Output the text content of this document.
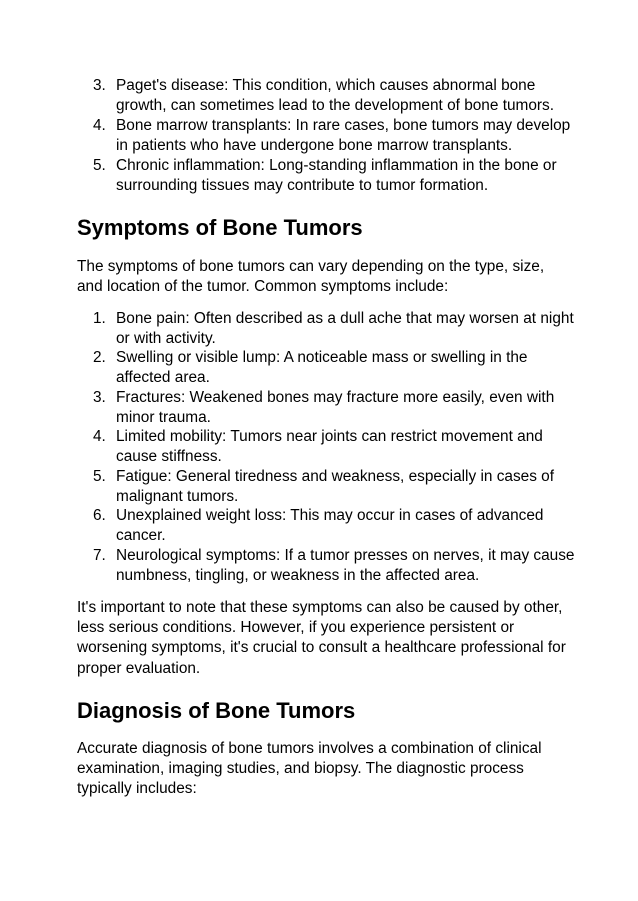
3. Paget's disease: This condition, which causes abnormal bone growth, can sometimes lead to the development of bone tumors.
4. Bone marrow transplants: In rare cases, bone tumors may develop in patients who have undergone bone marrow transplants.
5. Chronic inflammation: Long-standing inflammation in the bone or surrounding tissues may contribute to tumor formation.
Symptoms of Bone Tumors

The symptoms of bone tumors can vary depending on the type, size, and location of the tumor. Common symptoms include:

1. Bone pain: Often described as a dull ache that may worsen at night or with activity.
2. Swelling or visible lump: A noticeable mass or swelling in the affected area.
3. Fractures: Weakened bones may fracture more easily, even with minor trauma.
4. Limited mobility: Tumors near joints can restrict movement and cause stiffness.
5. Fatigue: General tiredness and weakness, especially in cases of malignant tumors.
6. Unexplained weight loss: This may occur in cases of advanced cancer.
7. Neurological symptoms: If a tumor presses on nerves, it may cause numbness, tingling, or weakness in the affected area.

It's important to note that these symptoms can also be caused by other, less serious conditions. However, if you experience persistent or worsening symptoms, it's crucial to consult a healthcare professional for proper evaluation.

Diagnosis of Bone Tumors

Accurate diagnosis of bone tumors involves a combination of clinical examination, imaging studies, and biopsy. The diagnostic process typically includes:
